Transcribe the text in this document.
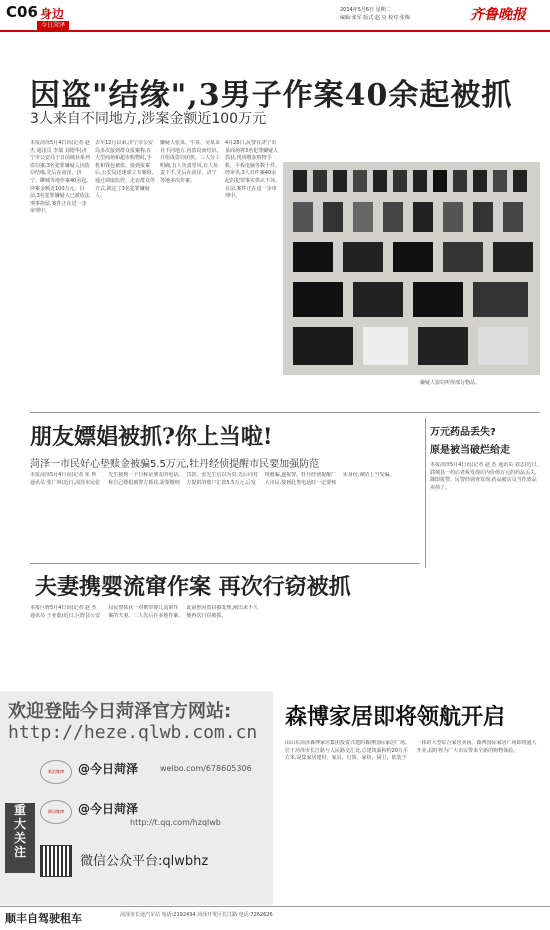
C06 身边
今日菏泽
2014年5月6日 星期二
编辑:张军 版式:赵 亮 校对:张梅	齐鲁晚报
因盗"结缘",3男子作案40余起被抓
3人来自不同地方,涉案金额近100万元
本报菏泽5月4日讯(记者 赵 杰 通讯员 李瑞 刘德华)济宁市公安局于日前破获系列盗窃案,3名犯罪嫌疑人因盗窃结缘,先后在菏泽、济宁、聊城等地作案40余起,涉案金额近100万元。目前,3名犯罪嫌疑人已被依法刑事拘留,案件正在进一步审理中。
去年12月以来,济宁市公安局多次接到群众报案称,在大型商场和超市购物时,手机和钱包被盗。接到报案后,公安局迅速成立专案组,通过调取监控、走访群众等方式,锁定了3名犯罪嫌疑人。
嫌疑人张某、牛某、吴某来自不同地方,因盗窃而结识,并组成盗窃团伙。三人分工明确,有人负责望风,有人负责下手,先后在菏泽、济宁等地多次作案。
4月28日,民警在济宁市某商场将3名犯罪嫌疑人抓获,现场缴获赃物手机、平板电脑等数十件。经审讯,3人对作案40余起的犯罪事实供认不讳。目前,案件正在进一步审理中。
嫌疑人盗窃所得部分物品。
朋友嫖娼被抓?你上当啦!
菏泽一市民好心垫赎金被骗5.5万元,牡丹经侦提醒市民要加强防范
本报菏泽5月4日讯(记者 崔 辉 通讯员 张广林)近日,菏泽市民张先生接到一个自称是朋友的电话,称自己嫖娼被警方抓获,需要缴纳罚款。张先生信以为真,先后向对方提供的账户汇款5.5万元,后发现被骗,遂报警。牡丹经侦提醒广大市民,接到此类电话时一定要核实身份,谨防上当受骗。
万元药品丢失?
原是被当破烂给走
本报菏泽5月4日讯(记者 赵 杰 通讯员 刘志)近日,郓城县一药店老板发现店内价值万元的药品丢失,随即报警。民警经调查发现,药品被店员当作废品卖掉了。
夫妻携婴流窜作案 再次行窃被抓
本报巨野5月4日讯(记者 赵 杰 通讯员 王亚茹)近日,巨野县公安局民警抓获一对携带婴儿流窜作案的夫妻。二人先后在多地作案,此前曾因盗窃被处理,刚出来不久便再次行窃被抓。
欢迎登陆今日菏泽官方网站:
http://heze.qlwb.com.cn
重大关注
新浪微博	@今日菏泽	weibo.com/678605306
腾讯微博	@今日菏泽
http://t.qq.com/hzqlwb
微信公众平台:qlwbhz
森博家居即将领航开启
由山东菏泽森博家居集团投资兴建的森博国际家居广场,位于菏泽市长江路与人民路交汇处,总建筑面积约20万平方米,是集家居建材、家具、灯饰、家纺、厨卫、软装于一体的大型综合家居卖场。森博国际家居广场即将盛大开业,届时将为广大市民带来全新的购物体验。
顺丰自驾驶租车	菏泽市长途汽车站 电话:2192434 菏泽开发区长江路 电话:7262626
